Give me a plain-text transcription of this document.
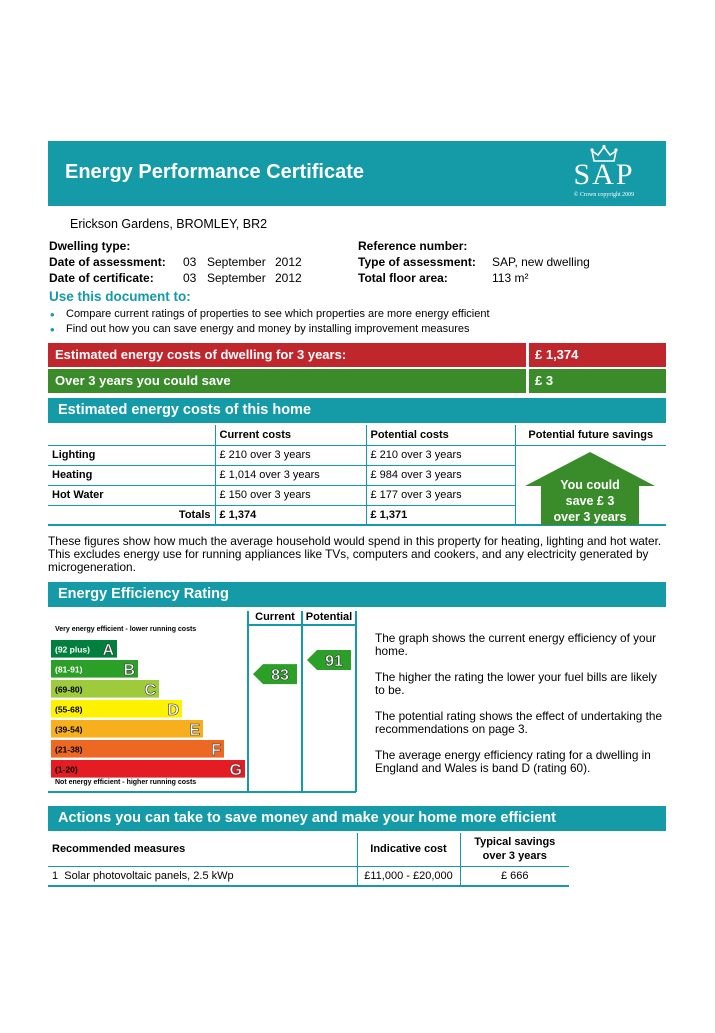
Energy Performance Certificate	SAP
© Crown copyright 2009
Erickson Gardens, BROMLEY, BR2
Dwelling type:
Date of assessment: 03 September 2012
Date of certificate: 03 September 2012
Reference number:
Type of assessment: SAP, new dwelling
Total floor area:	113 m²
Use this document to:
• Compare current ratings of properties to see which properties are more energy efficient
• Find out how you can save energy and money by installing improvement measures
Estimated energy costs of dwelling for 3 years:	£ 1,374
Over 3 years you could save	£ 3
Estimated energy costs of this home
	Current costs	Potential costs	Potential future savings
Lighting	£ 210 over 3 years	£ 210 over 3 years	
Heating	£ 1,014 over 3 years	£ 984 over 3 years	
Hot Water	£ 150 over 3 years	£ 177 over 3 years	
Totals	£ 1,374	£ 1,371	
You could
save £ 3
over 3 years
These figures show how much the average household would spend in this property for heating, lighting and hot water. This excludes energy use for running appliances like TVs, computers and cookers, and any electricity generated by microgeneration.
Energy Efficiency Rating
(92 plus) A
(81-91)	B
(69-80)	C
(55-68)	D
(39-54)	E
(21-38)	F
(1-20)	G
83
91
Current Potential
Very energy efficient - lower running costs
Not energy efficient - higher running costs

The graph shows the current energy efficiency of your home.

The higher the rating the lower your fuel bills are likely to be.

The potential rating shows the effect of undertaking the recommendations on page 3.

The average energy efficiency rating for a dwelling in England and Wales is band D (rating 60).

Actions you can take to save money and make your home more efficient
Recommended measures	Indicative cost	Typical savings
over 3 years

1 Solar photovoltaic panels, 2.5 kWp	£11,000 - £20,000	£ 666
